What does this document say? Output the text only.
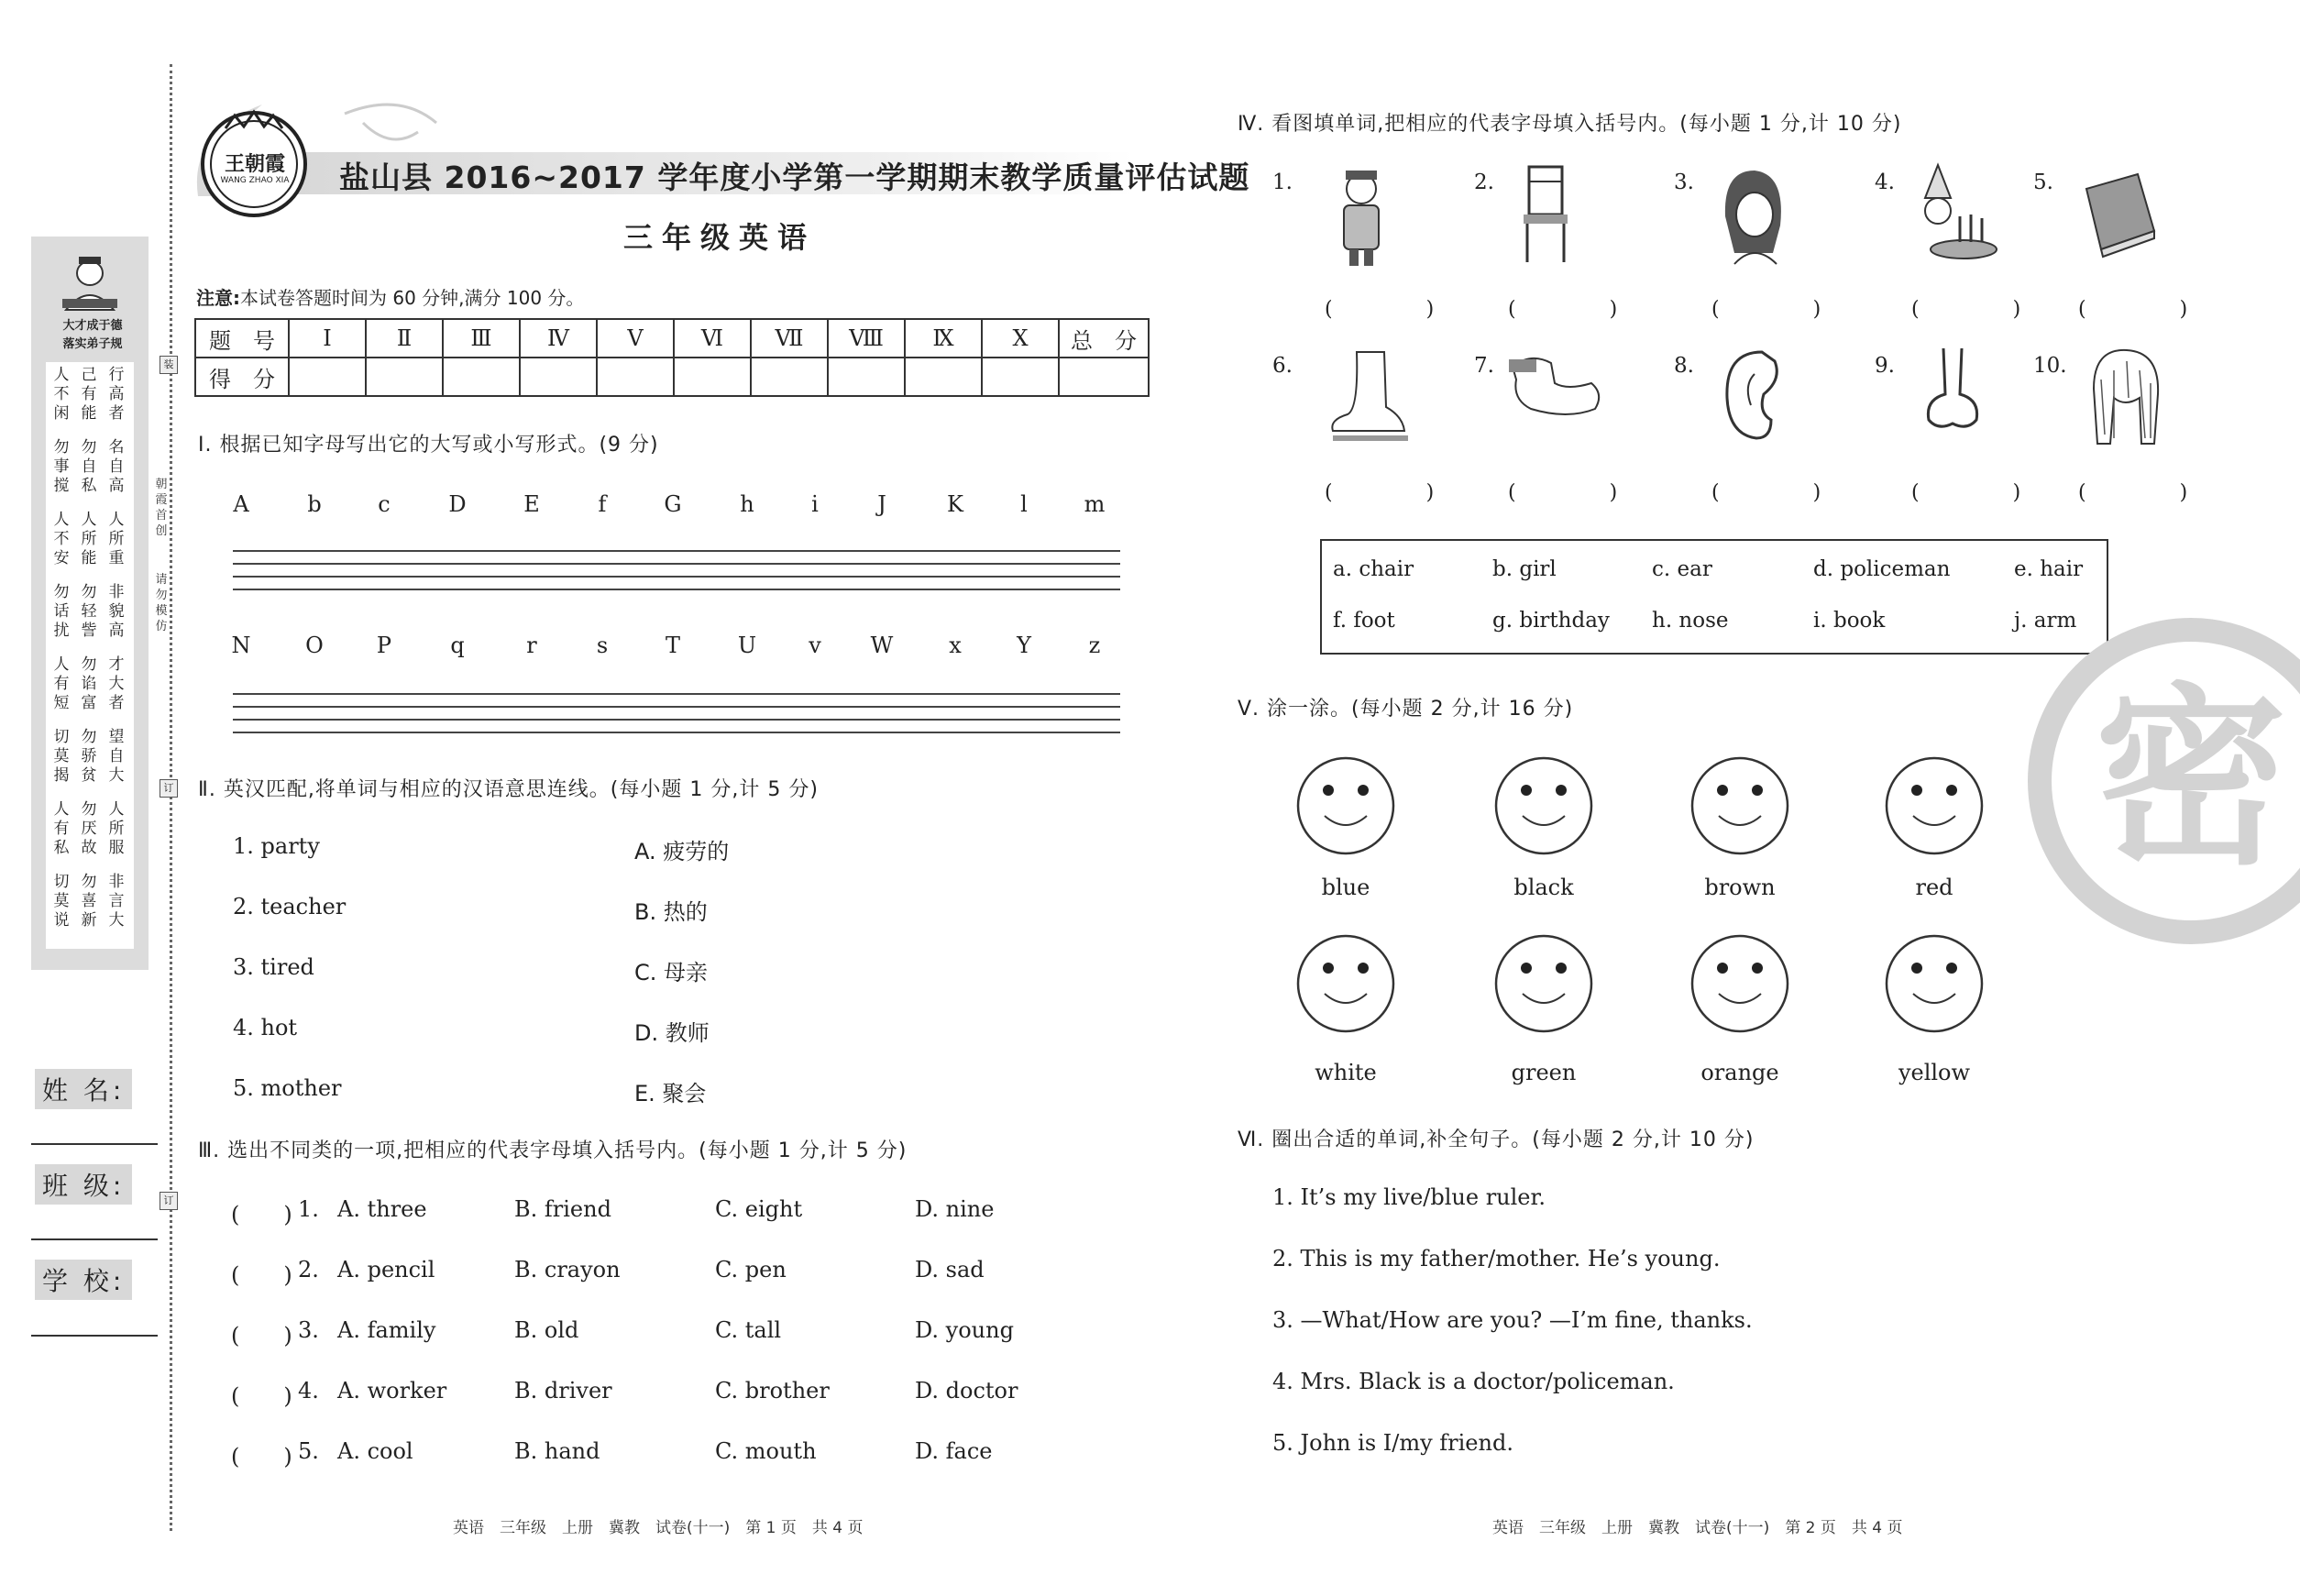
大才成于德
落实弟子规
人不闲
己有能
行高者
勿事搅
勿自私
名自高
人不安
人所能
人所重
勿话扰
勿轻訾
非貌高
人有短
勿谄富
才大者
切莫揭
勿骄贫
望自大
人有私
勿厌故
人所服
切莫说
勿喜新
非言大
朝霞首创
请勿模仿
装
订
订
姓 名:
班 级:
学 校:
王朝霞
WANG ZHAO XIA	盐山县 2016~2017 学年度小学第一学期期末教学质量评估试题
三年级英语
注意:本试卷答题时间为 60 分钟,满分 100 分。
题　号	Ⅰ	Ⅱ	Ⅲ	Ⅳ	Ⅴ	Ⅵ	Ⅶ	Ⅷ	Ⅸ	Ⅹ	总　分
得　分											
Ⅰ. 根据已知字母写出它的大写或小写形式。(9 分)
A	b	c	D	E	f	G	h	i	J	K	l	m
N	O	P	q	r	s	T	U	v	W	x	Y	z
Ⅱ. 英汉匹配,将单词与相应的汉语意思连线。(每小题 1 分,计 5 分)
1. party
2. teacher
3. tired
4. hot
5. mother
A. 疲劳的
B. 热的
C. 母亲
D. 教师
E. 聚会
Ⅲ. 选出不同类的一项,把相应的代表字母填入括号内。(每小题 1 分,计 5 分)
(　　) 1. A. three	B. friend	C. eight	D. nine
(　　) 2. A. pencil	B. crayon	C. pen	D. sad
(　　) 3. A. family	B. old	C. tall	D. young
(　　) 4. A. worker	B. driver	C. brother	D. doctor
(　　) 5. A. cool	B. hand	C. mouth	D. face
Ⅳ. 看图填单词,把相应的代表字母填入括号内。(每小题 1 分,计 10 分)
1.
(　)
2.
(　)
3.
(　)
4.
(　)
5.
(　)
6.
(　)
7.
(　)
8.
(　)
9.
(　)
10.
(　)
a. chair	b. girl	c. ear	d. policeman	e. hair
f. foot	g. birthday h. nose	i. book	j. arm
Ⅴ. 涂一涂。(每小题 2 分,计 16 分)
blue	black	brown	red
white	green	orange	yellow
Ⅵ. 圈出合适的单词,补全句子。(每小题 2 分,计 10 分)
1. It’s my live/blue ruler.
2. This is my father/mother. He’s young.
3. —What/How are you? —I’m fine, thanks.
4. Mrs. Black is a doctor/policeman.
5. John is I/my friend.
密
英语　三年级　上册　冀教　试卷(十一)　第 1 页　共 4 页	英语　三年级　上册　冀教　试卷(十一)　第 2 页　共 4 页
